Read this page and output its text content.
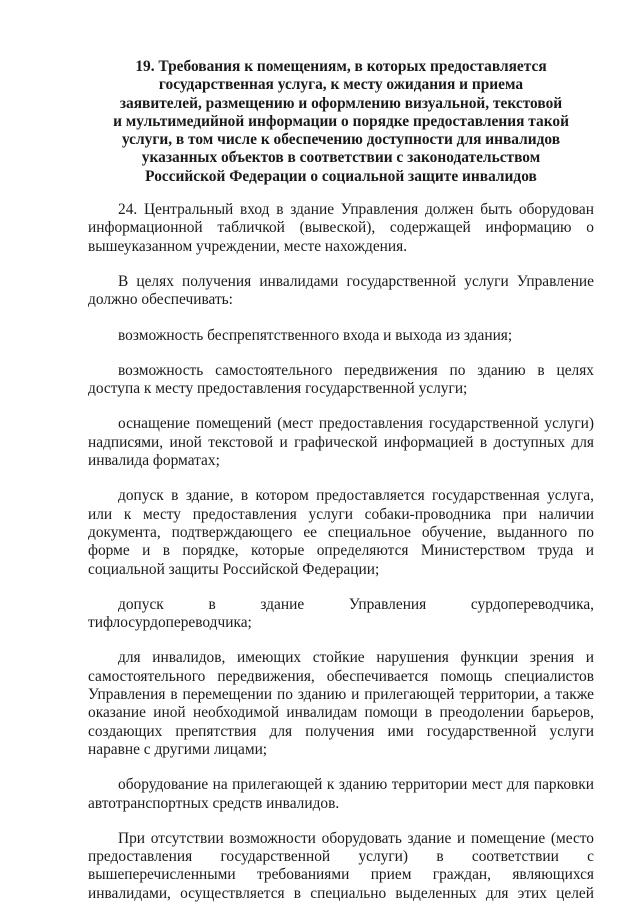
19. Требования к помещениям, в которых предоставляется
государственная услуга, к месту ожидания и приема
заявителей, размещению и оформлению визуальной, текстовой
и мультимедийной информации о порядке предоставления такой
услуги, в том числе к обеспечению доступности для инвалидов
указанных объектов в соответствии с законодательством
Российской Федерации о социальной защите инвалидов

24. Центральный вход в здание Управления должен быть оборудован информационной табличкой (вывеской), содержащей информацию о вышеуказанном учреждении, месте нахождения.

В целях получения инвалидами государственной услуги Управление должно обеспечивать:

возможность беспрепятственного входа и выхода из здания;

возможность самостоятельного передвижения по зданию в целях доступа к месту предоставления государственной услуги;

оснащение помещений (мест предоставления государственной услуги) надписями, иной текстовой и графической информацией в доступных для инвалида форматах;

допуск в здание, в котором предоставляется государственная услуга, или к месту предоставления услуги собаки-проводника при наличии документа, подтверждающего ее специальное обучение, выданного по форме и в порядке, которые определяются Министерством труда и социальной защиты Российской Федерации;

допуск в здание Управления сурдопереводчика, тифлосурдопереводчика;

для инвалидов, имеющих стойкие нарушения функции зрения и самостоятельного передвижения, обеспечивается помощь специалистов Управления в перемещении по зданию и прилегающей территории, а также оказание иной необходимой инвалидам помощи в преодолении барьеров, создающих препятствия для получения ими государственной услуги наравне с другими лицами;

оборудование на прилегающей к зданию территории мест для парковки автотранспортных средств инвалидов.

При отсутствии возможности оборудовать здание и помещение (место предоставления государственной услуги) в соответствии с вышеперечисленными требованиями прием граждан, являющихся инвалидами, осуществляется в специально выделенных для этих целей
